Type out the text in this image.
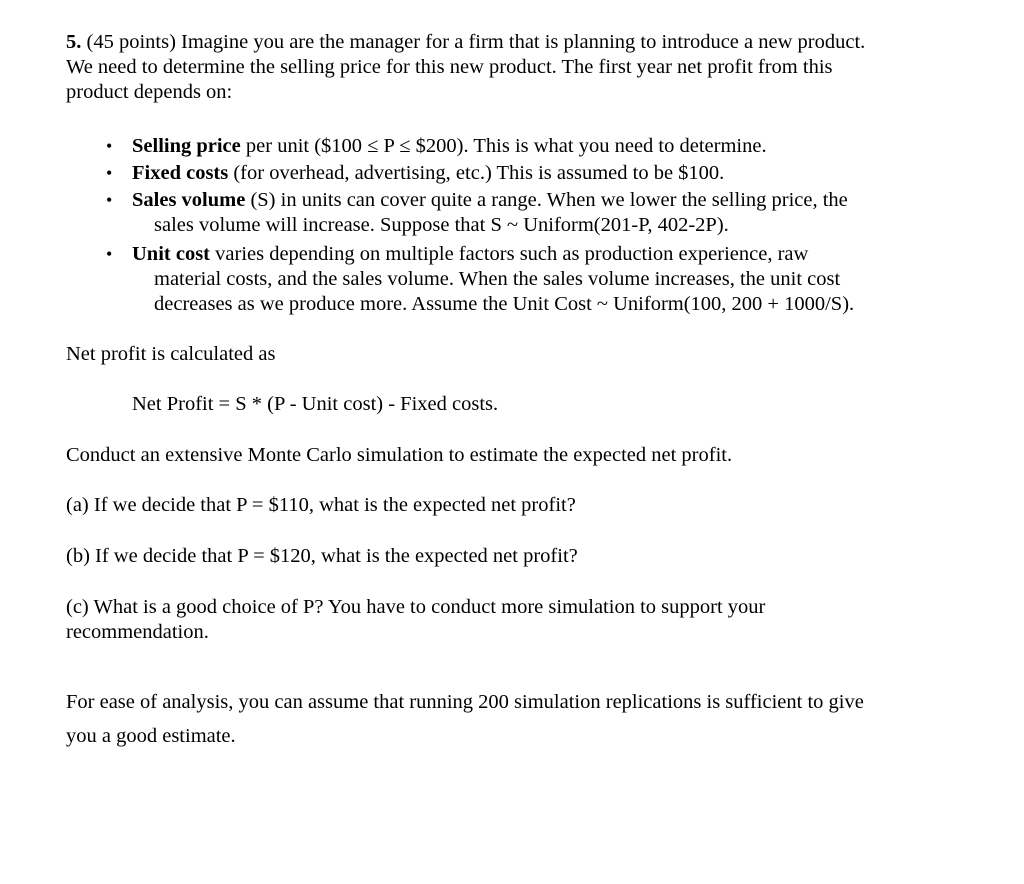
5. (45 points) Imagine you are the manager for a firm that is planning to introduce a new product.
We need to determine the selling price for this new product. The first year net profit from this
product depends on:
• Selling price per unit ($100 ≤ P ≤ $200). This is what you need to determine.
• Fixed costs (for overhead, advertising, etc.) This is assumed to be $100.
• Sales volume (S) in units can cover quite a range. When we lower the selling price, the
sales volume will increase. Suppose that S ~ Uniform(201-P, 402-2P).
• Unit cost varies depending on multiple factors such as production experience, raw
material costs, and the sales volume. When the sales volume increases, the unit cost
decreases as we produce more. Assume the Unit Cost ~ Uniform(100, 200 + 1000/S).
Net profit is calculated as
Net Profit = S * (P - Unit cost) - Fixed costs.
Conduct an extensive Monte Carlo simulation to estimate the expected net profit.
(a) If we decide that P = $110, what is the expected net profit?
(b) If we decide that P = $120, what is the expected net profit?
(c) What is a good choice of P? You have to conduct more simulation to support your
recommendation.
For ease of analysis, you can assume that running 200 simulation replications is sufficient to give
you a good estimate.
